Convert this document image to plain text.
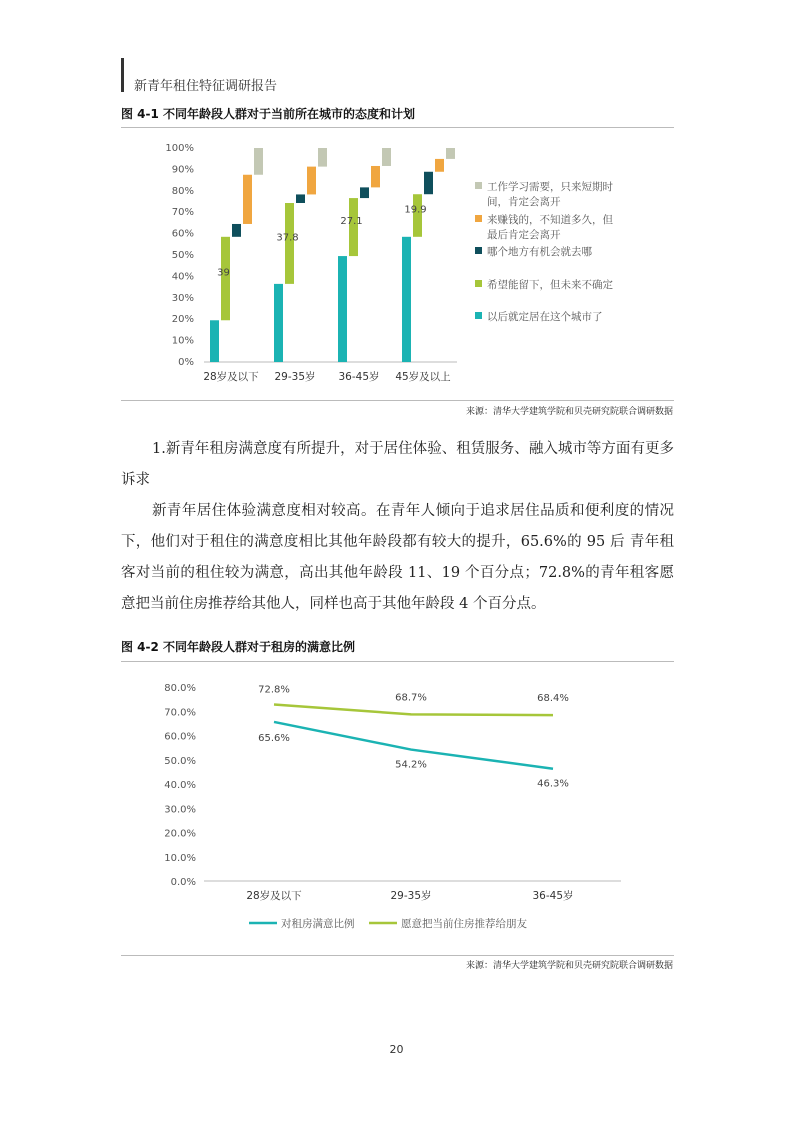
新青年租住特征调研报告
图 4-1 不同年龄段人群对于当前所在城市的态度和计划
0%
10%
20%
30%
40%
50%
60%
70%
80%
90%
100%
39
28岁及以下
37.8
29-35岁
27.1
36-45岁
19.9
45岁及以上
工作学习需要，只来短期时
间，肯定会离开
来赚钱的，不知道多久，但
最后肯定会离开
哪个地方有机会就去哪
希望能留下，但未来不确定
以后就定居在这个城市了
来源：清华大学建筑学院和贝壳研究院联合调研数据

1.新青年租房满意度有所提升，对于居住体验、租赁服务、融入城市等方面有更多诉求

新青年居住体验满意度相对较高。在青年人倾向于追求居住品质和便利度的情况下，他们对于租住的满意度相比其他年龄段都有较大的提升，65.6%的 95 后 青年租客对当前的租住较为满意，高出其他年龄段 11、19 个百分点；72.8%的青年租客愿意把当前住房推荐给其他人，同样也高于其他年龄段 4 个百分点。

图 4-2 不同年龄段人群对于租房的满意比例
0.0%
10.0%
20.0%
30.0%
40.0%
50.0%
60.0%
70.0%
80.0%
28岁及以下	29-35岁	36-45岁
65.6%
54.2%
46.3%
72.8%
68.7%	68.4%
对租房满意比例	愿意把当前住房推荐给朋友
来源：清华大学建筑学院和贝壳研究院联合调研数据
20
